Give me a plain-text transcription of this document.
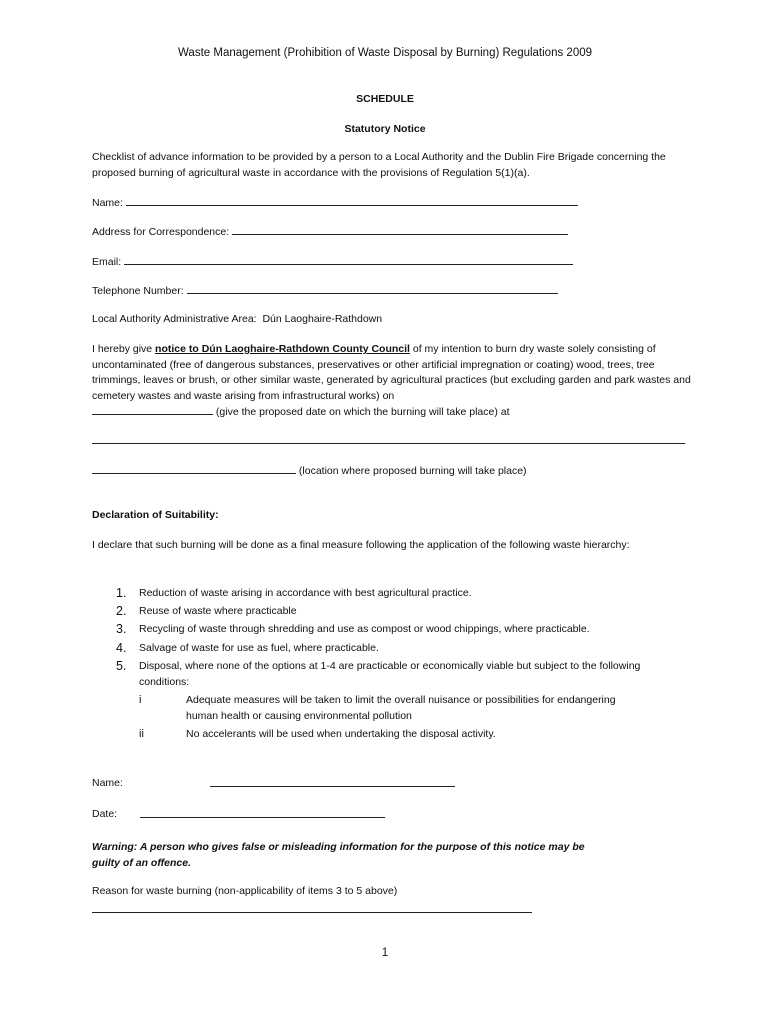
Waste Management (Prohibition of Waste Disposal by Burning) Regulations 2009
SCHEDULE
Statutory Notice
Checklist of advance information to be provided by a person to a Local Authority and the Dublin Fire Brigade concerning the proposed burning of agricultural waste in accordance with the provisions of Regulation 5(1)(a).
Name:
Address for Correspondence:
Email:
Telephone Number:
Local Authority Administrative Area: Dún Laoghaire-Rathdown
I hereby give notice to Dún Laoghaire-Rathdown County Council of my intention to burn dry waste solely consisting of uncontaminated (free of dangerous substances, preservatives or other artificial impregnation or coating) wood, trees, tree trimmings, leaves or brush, or other similar waste, generated by agricultural practices (but excluding garden and park wastes and cemetery wastes and waste arising from infrastructural works) on
(give the proposed date on which the burning will take place) at
(location where proposed burning will take place)
Declaration of Suitability:
I declare that such burning will be done as a final measure following the application of the following waste hierarchy:
1. Reduction of waste arising in accordance with best agricultural practice.
2. Reuse of waste where practicable
3. Recycling of waste through shredding and use as compost or wood chippings, where practicable.
4. Salvage of waste for use as fuel, where practicable.
5. Disposal, where none of the options at 1-4 are practicable or economically viable but subject to the following conditions:
i	Adequate measures will be taken to limit the overall nuisance or possibilities for endangering human health or causing environmental pollution
ii	No accelerants will be used when undertaking the disposal activity.
Name:
Date:
Warning: A person who gives false or misleading information for the purpose of this notice may be guilty of an offence.
Reason for waste burning (non-applicability of items 3 to 5 above)
1
